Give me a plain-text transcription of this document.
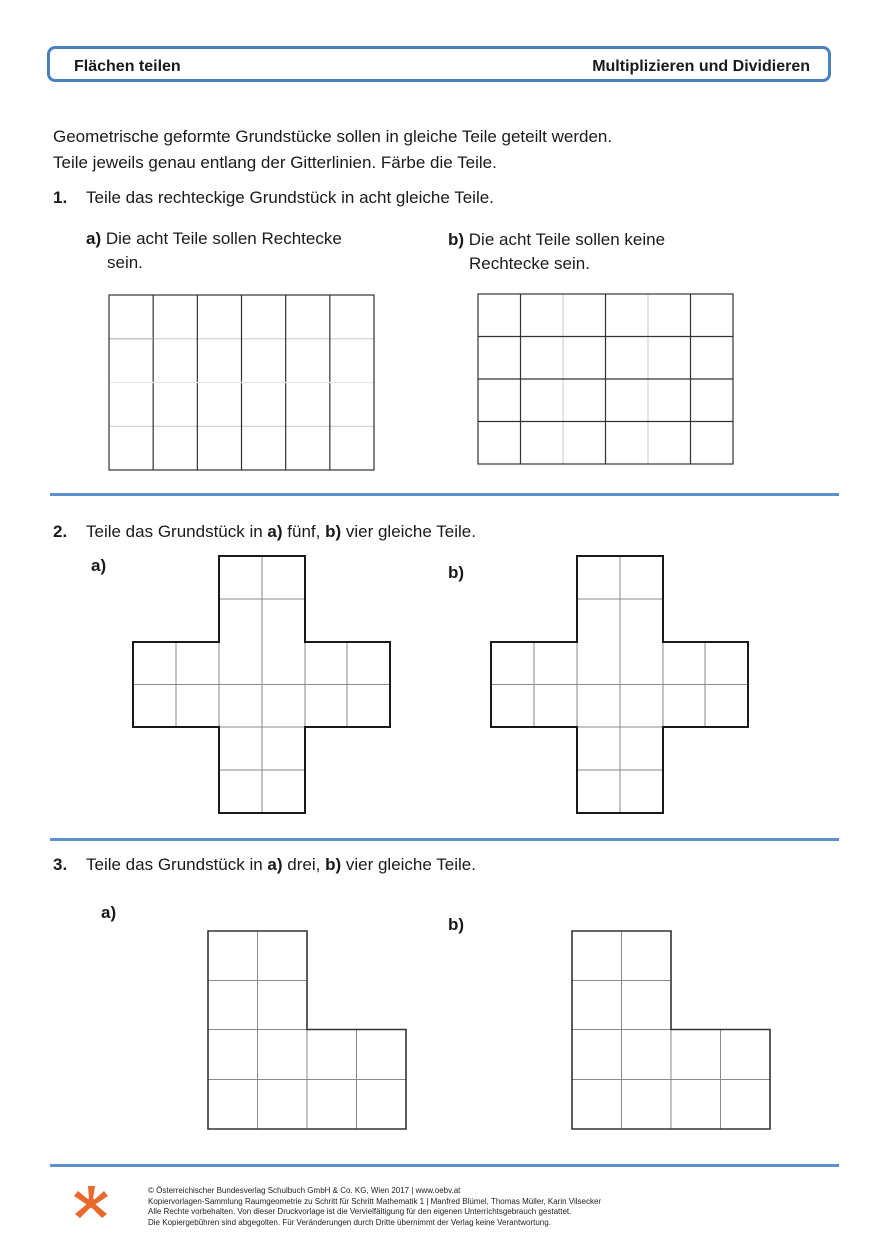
Flächen teilen	Multiplizieren und Dividieren
Geometrische geformte Grundstücke sollen in gleiche Teile geteilt werden.
Teile jeweils genau entlang der Gitterlinien. Färbe die Teile.
1. Teile das rechteckige Grundstück in acht gleiche Teile.
a) Die acht Teile sollen Rechtecke
sein.
b) Die acht Teile sollen keine
Rechtecke sein.
2. Teile das Grundstück in a) fünf, b) vier gleiche Teile.
a)	b)
3. Teile das Grundstück in a) drei, b) vier gleiche Teile.
a)
b)
© Österreichischer Bundesverlag Schulbuch GmbH & Co. KG, Wien 2017 | www.oebv.at
Kopiervorlagen-Sammlung Raumgeometrie zu Schritt für Schritt Mathematik 1 | Manfred Blümel, Thomas Müller, Karin Vilsecker
Alle Rechte vorbehalten. Von dieser Druckvorlage ist die Vervielfältigung für den eigenen Unterrichtsgebrauch gestattet.
Die Kopiergebühren sind abgegolten. Für Veränderungen durch Dritte übernimmt der Verlag keine Verantwortung.
